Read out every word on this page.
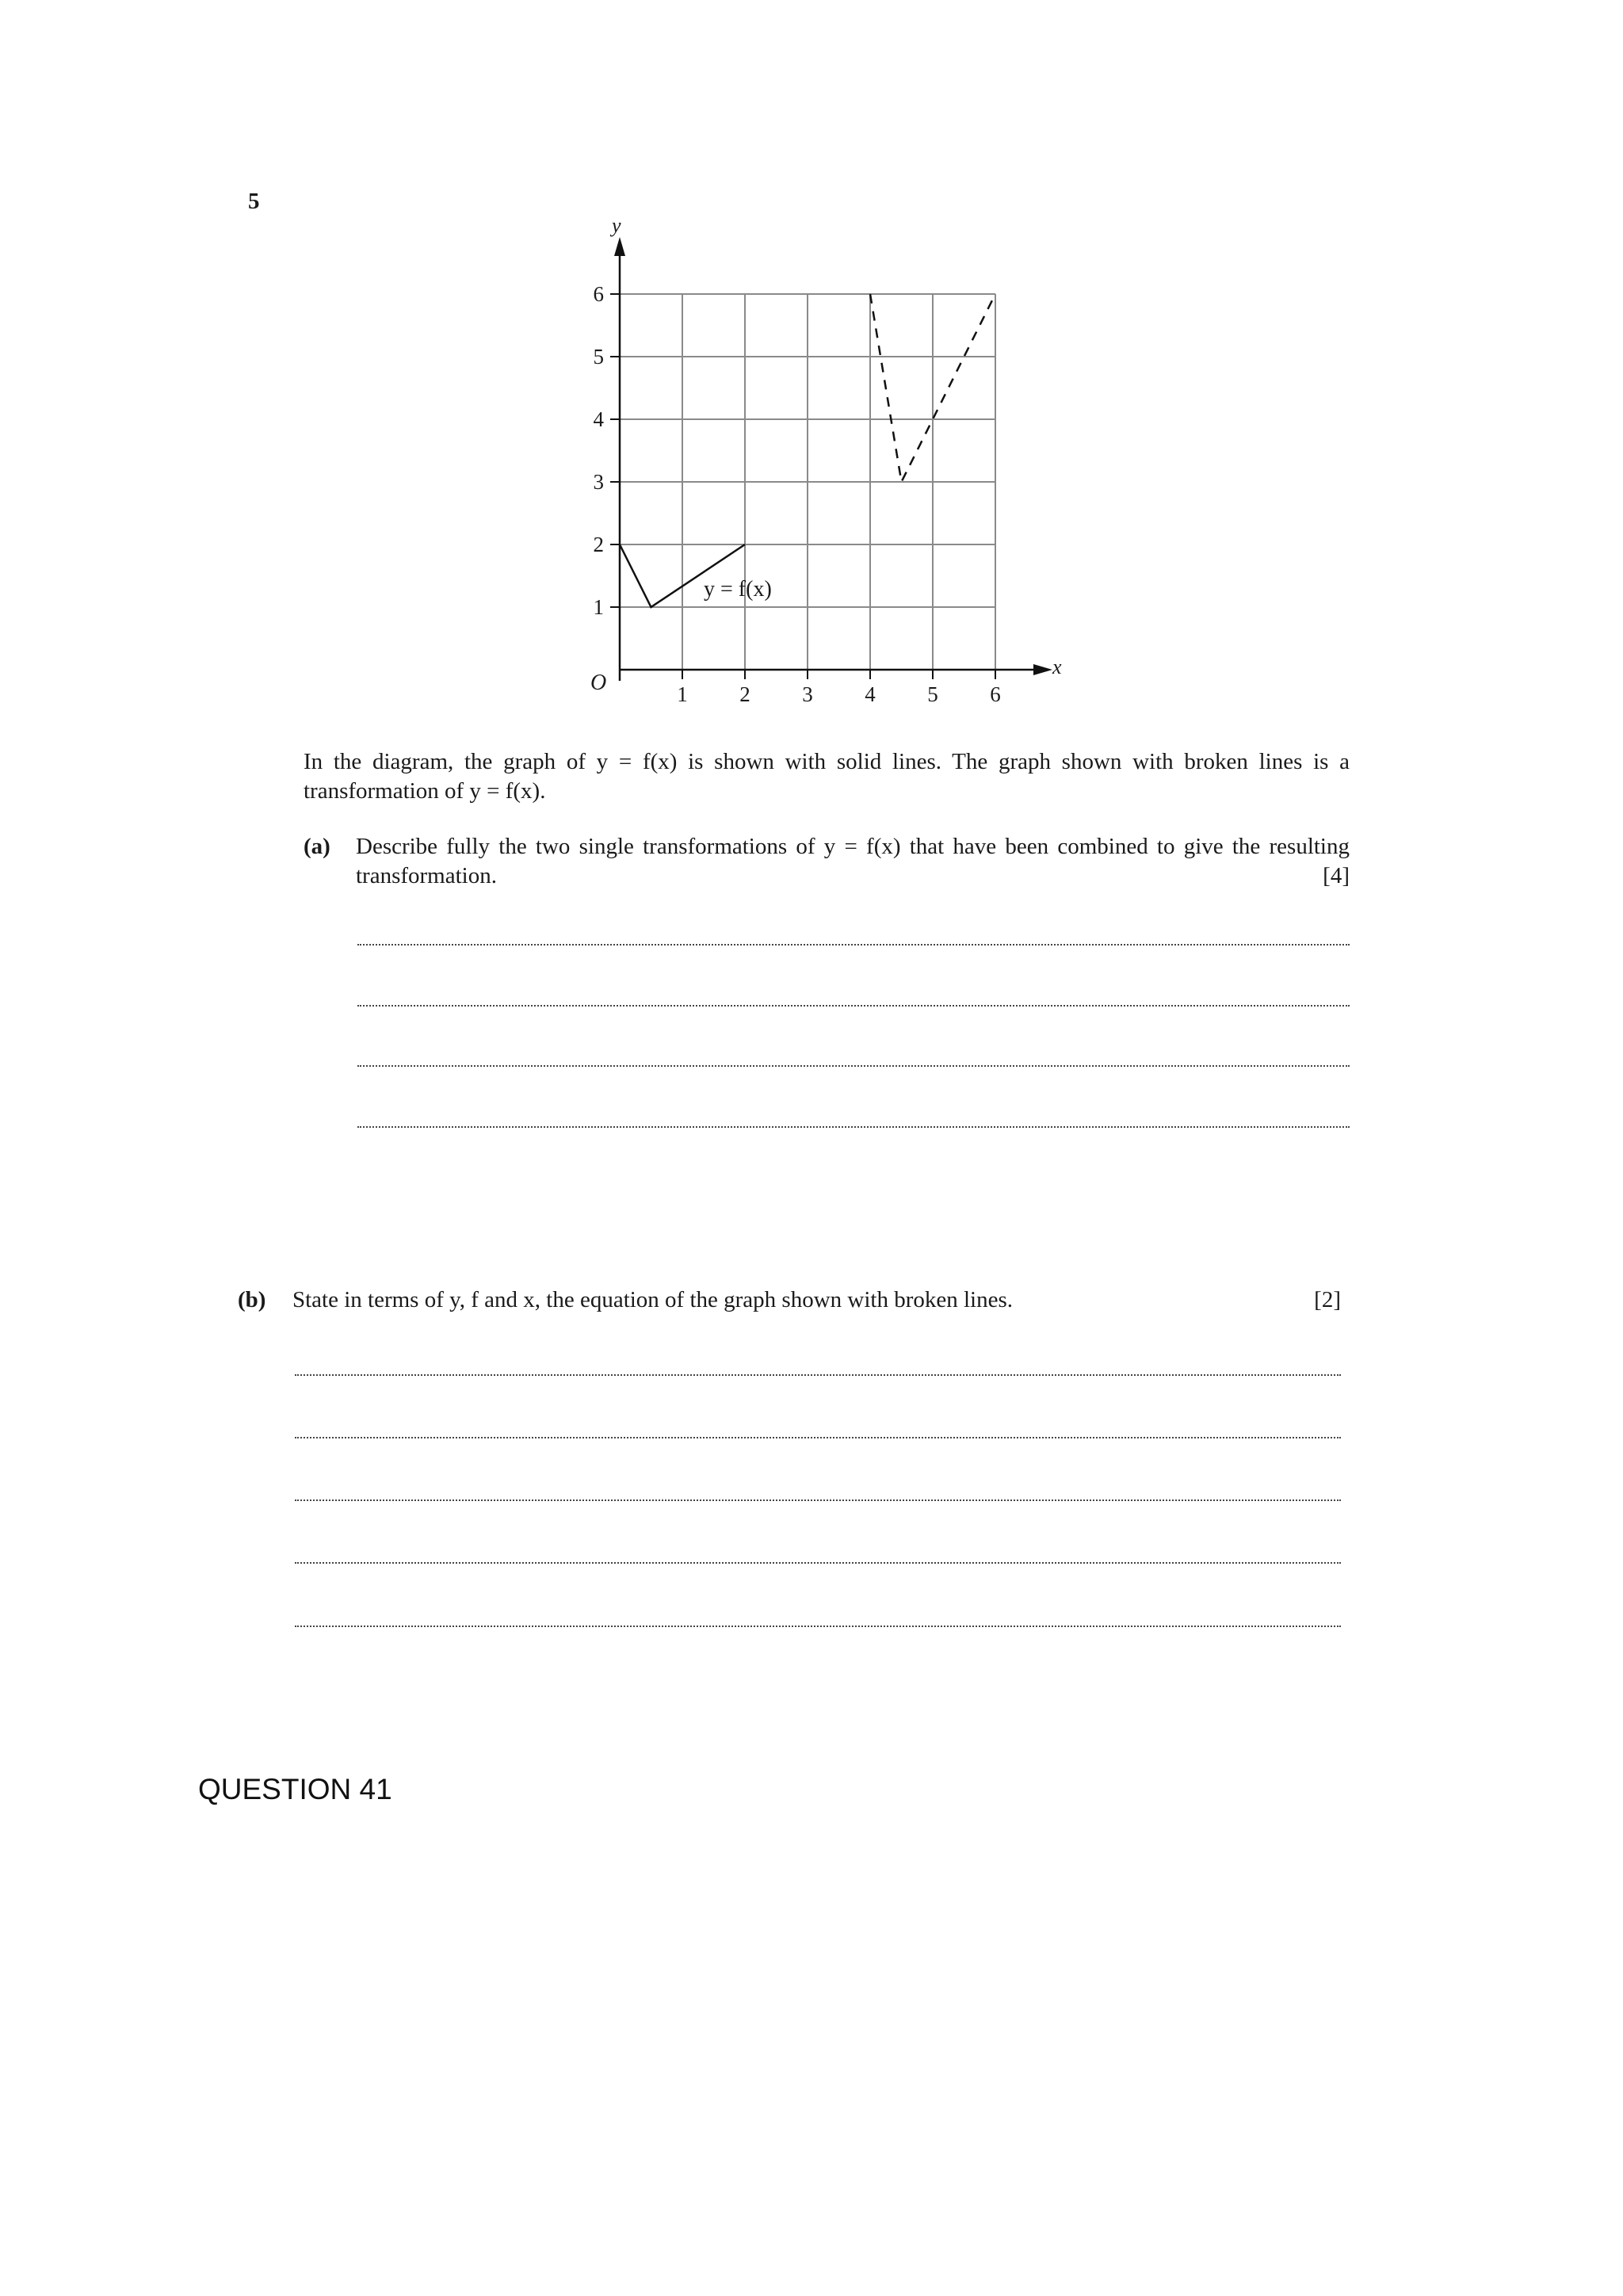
5
1 2 3 4 5 6
1
2
3
4
5
6
x
y
O
y = f(x)
In the diagram, the graph of y = f(x) is shown with solid lines. The graph shown with broken lines is a transformation of y = f(x).
(a) Describe fully the two single transformations of y = f(x) that have been combined to give the resulting transformation.	[4]
(b) State in terms of y, f and x, the equation of the graph shown with broken lines.	[2]
QUESTION 41
